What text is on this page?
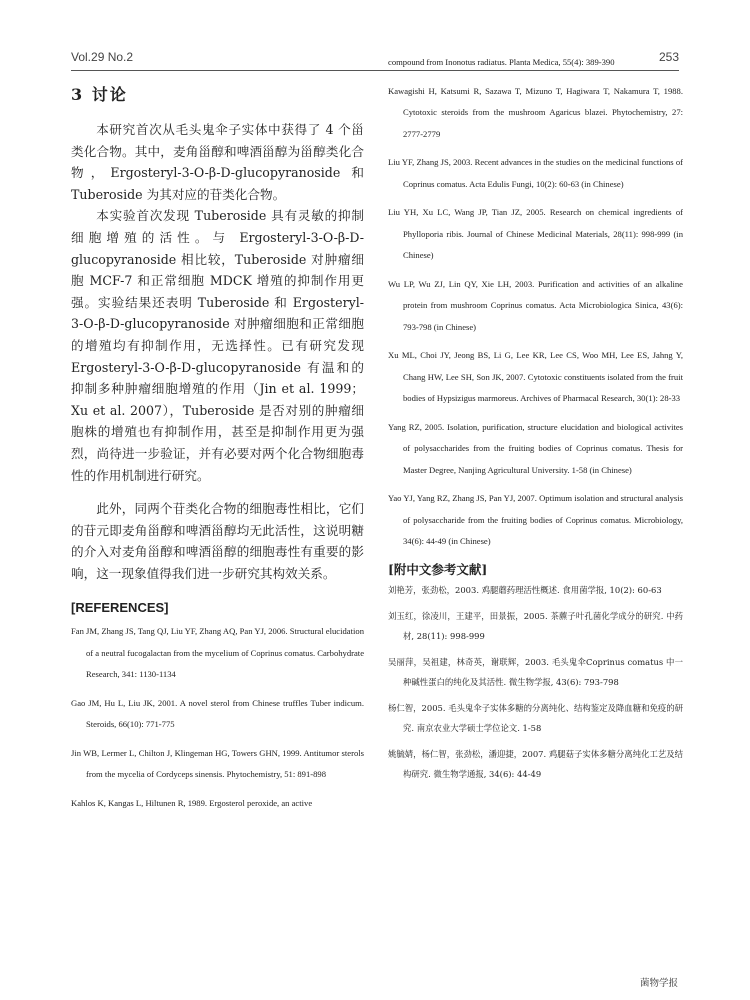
Vol.29 No.2	253
3 讨论

本研究首次从毛头鬼伞子实体中获得了 4 个甾类化合物。其中，麦角甾醇和啤酒甾醇为甾醇类化合物，Ergosteryl-3-O-β-D-glucopyranoside 和 Tuberoside 为其对应的苷类化合物。

本实验首次发现 Tuberoside 具有灵敏的抑制细胞增殖的活性。与 Ergosteryl-3-O-β-D-glucopyranoside 相比较，Tuberoside 对肿瘤细胞 MCF-7 和正常细胞 MDCK 增殖的抑制作用更强。实验结果还表明 Tuberoside 和 Ergosteryl-3-O-β-D-glucopyranoside 对肿瘤细胞和正常细胞的增殖均有抑制作用，无选择性。已有研究发现 Ergosteryl-3-O-β-D-glucopyranoside 有温和的抑制多种肿瘤细胞增殖的作用（Jin et al. 1999；Xu et al. 2007），Tuberoside 是否对别的肿瘤细胞株的增殖也有抑制作用，甚至是抑制作用更为强烈，尚待进一步验证，并有必要对两个化合物细胞毒性的作用机制进行研究。

此外，同两个苷类化合物的细胞毒性相比，它们的苷元即麦角甾醇和啤酒甾醇均无此活性，这说明糖的介入对麦角甾醇和啤酒甾醇的细胞毒性有重要的影响，这一现象值得我们进一步研究其构效关系。

[REFERENCES]

Fan JM, Zhang JS, Tang QJ, Liu YF, Zhang AQ, Pan YJ, 2006. Structural elucidation of a neutral fucogalactan from the mycelium of Coprinus comatus. Carbohydrate Research, 341: 1130-1134

Gao JM, Hu L, Liu JK, 2001. A novel sterol from Chinese truffles Tuber indicum. Steroids, 66(10): 771-775

Jin WB, Lermer L, Chilton J, Klingeman HG, Towers GHN, 1999. Antitumor sterols from the mycelia of Cordyceps sinensis. Phytochemistry, 51: 891-898

Kahlos K, Kangas L, Hiltunen R, 1989. Ergosterol peroxide, an active

compound from Inonotus radiatus. Planta Medica, 55(4): 389-390

Kawagishi H, Katsumi R, Sazawa T, Mizuno T, Hagiwara T, Nakamura T, 1988. Cytotoxic steroids from the mushroom Agaricus blazei. Phytochemistry, 27: 2777-2779

Liu YF, Zhang JS, 2003. Recent advances in the studies on the medicinal functions of Coprinus comatus. Acta Edulis Fungi, 10(2): 60-63 (in Chinese)

Liu YH, Xu LC, Wang JP, Tian JZ, 2005. Research on chemical ingredients of Phylloporia ribis. Journal of Chinese Medicinal Materials, 28(11): 998-999 (in Chinese)

Wu LP, Wu ZJ, Lin QY, Xie LH, 2003. Purification and activities of an alkaline protein from mushroom Coprinus comatus. Acta Microbiologica Sinica, 43(6): 793-798 (in Chinese)

Xu ML, Choi JY, Jeong BS, Li G, Lee KR, Lee CS, Woo MH, Lee ES, Jahng Y, Chang HW, Lee SH, Son JK, 2007. Cytotoxic constituents isolated from the fruit bodies of Hypsizigus marmoreus. Archives of Pharmacal Research, 30(1): 28-33

Yang RZ, 2005. Isolation, purification, structure elucidation and biological activites of polysaccharides from the fruiting bodies of Coprinus comatus. Thesis for Master Degree, Nanjing Agricultural University. 1-58 (in Chinese)

Yao YJ, Yang RZ, Zhang JS, Pan YJ, 2007. Optimum isolation and structural analysis of polysaccharide from the fruiting bodies of Coprinus comatus. Microbiology, 34(6): 44-49 (in Chinese)

[附中文参考文献]

刘艳芳，张劲松，2003. 鸡腿蘑药理活性概述. 食用菌学报, 10(2): 60-63

刘玉红，徐凌川，王建平，田景振，2005. 茶藨子叶孔菌化学成分的研究. 中药材, 28(11): 998-999

吴丽萍，吴祖建，林奇英，谢联辉，2003. 毛头鬼伞Coprinus comatus 中一种碱性蛋白的纯化及其活性. 微生物学报, 43(6): 793-798

杨仁智，2005. 毛头鬼伞子实体多糖的分离纯化、结构鉴定及降血糖和免疫的研究. 南京农业大学硕士学位论文. 1-58

姚毓婧，杨仁智，张劲松，潘迎捷，2007. 鸡腿菇子实体多糖分离纯化工艺及结构研究. 微生物学通报, 34(6): 44-49

菌物学报
